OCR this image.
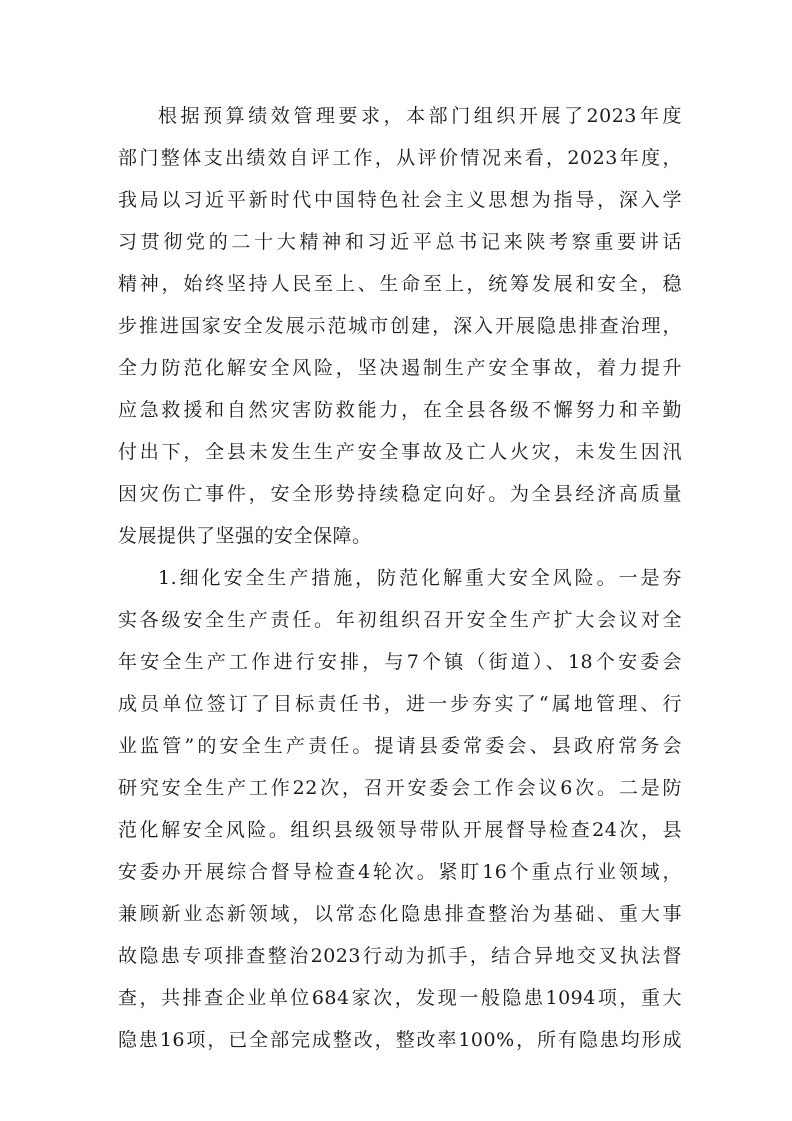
根据预算绩效管理要求，本部门组织开展了2023年度
部门整体支出绩效自评工作，从评价情况来看，2023年度，
我局以习近平新时代中国特色社会主义思想为指导，深入学
习贯彻党的二十大精神和习近平总书记来陕考察重要讲话
精神，始终坚持人民至上、生命至上，统筹发展和安全，稳
步推进国家安全发展示范城市创建，深入开展隐患排查治理，
全力防范化解安全风险，坚决遏制生产安全事故，着力提升
应急救援和自然灾害防救能力，在全县各级不懈努力和辛勤
付出下，全县未发生生产安全事故及亡人火灾，未发生因汛
因灾伤亡事件，安全形势持续稳定向好。为全县经济高质量
发展提供了坚强的安全保障。
1.细化安全生产措施，防范化解重大安全风险。一是夯
实各级安全生产责任。年初组织召开安全生产扩大会议对全
年安全生产工作进行安排，与7个镇（街道）、18个安委会
成员单位签订了目标责任书，进一步夯实了“属地管理、行
业监管”的安全生产责任。提请县委常委会、县政府常务会
研究安全生产工作22次，召开安委会工作会议6次。二是防
范化解安全风险。组织县级领导带队开展督导检查24次，县
安委办开展综合督导检查4轮次。紧盯16个重点行业领域，
兼顾新业态新领域，以常态化隐患排查整治为基础、重大事
故隐患专项排查整治2023行动为抓手，结合异地交叉执法督
查，共排查企业单位684家次，发现一般隐患1094项，重大
隐患16项，已全部完成整改，整改率100%，所有隐患均形成
